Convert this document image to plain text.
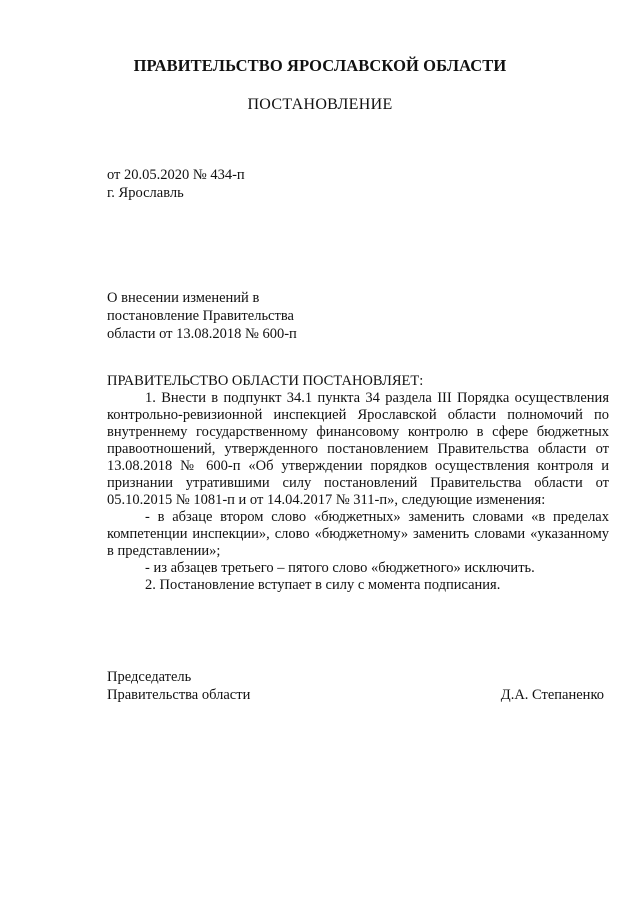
ПРАВИТЕЛЬСТВО ЯРОСЛАВСКОЙ ОБЛАСТИ
ПОСТАНОВЛЕНИЕ
от 20.05.2020 № 434-п
г. Ярославль
О внесении изменений в
постановление Правительства
области от 13.08.2018 № 600-п

ПРАВИТЕЛЬСТВО ОБЛАСТИ ПОСТАНОВЛЯЕТ:

1. Внести в подпункт 34.1 пункта 34 раздела III Порядка осуществления контрольно-ревизионной инспекцией Ярославской области полномочий по внутреннему государственному финансовому контролю в сфере бюджетных правоотношений, утвержденного постановлением Правительства области от 13.08.2018 № 600-п «Об утверждении порядков осуществления контроля и признании утратившими силу постановлений Правительства области от 05.10.2015 № 1081-п и от 14.04.2017 № 311-п», следующие изменения:

- в абзаце втором слово «бюджетных» заменить словами «в пределах компетенции инспекции», слово «бюджетному» заменить словами «указанному в представлении»;

- из абзацев третьего – пятого слово «бюджетного» исключить.

2. Постановление вступает в силу с момента подписания.

Председатель
Правительства области	Д.А. Степаненко
